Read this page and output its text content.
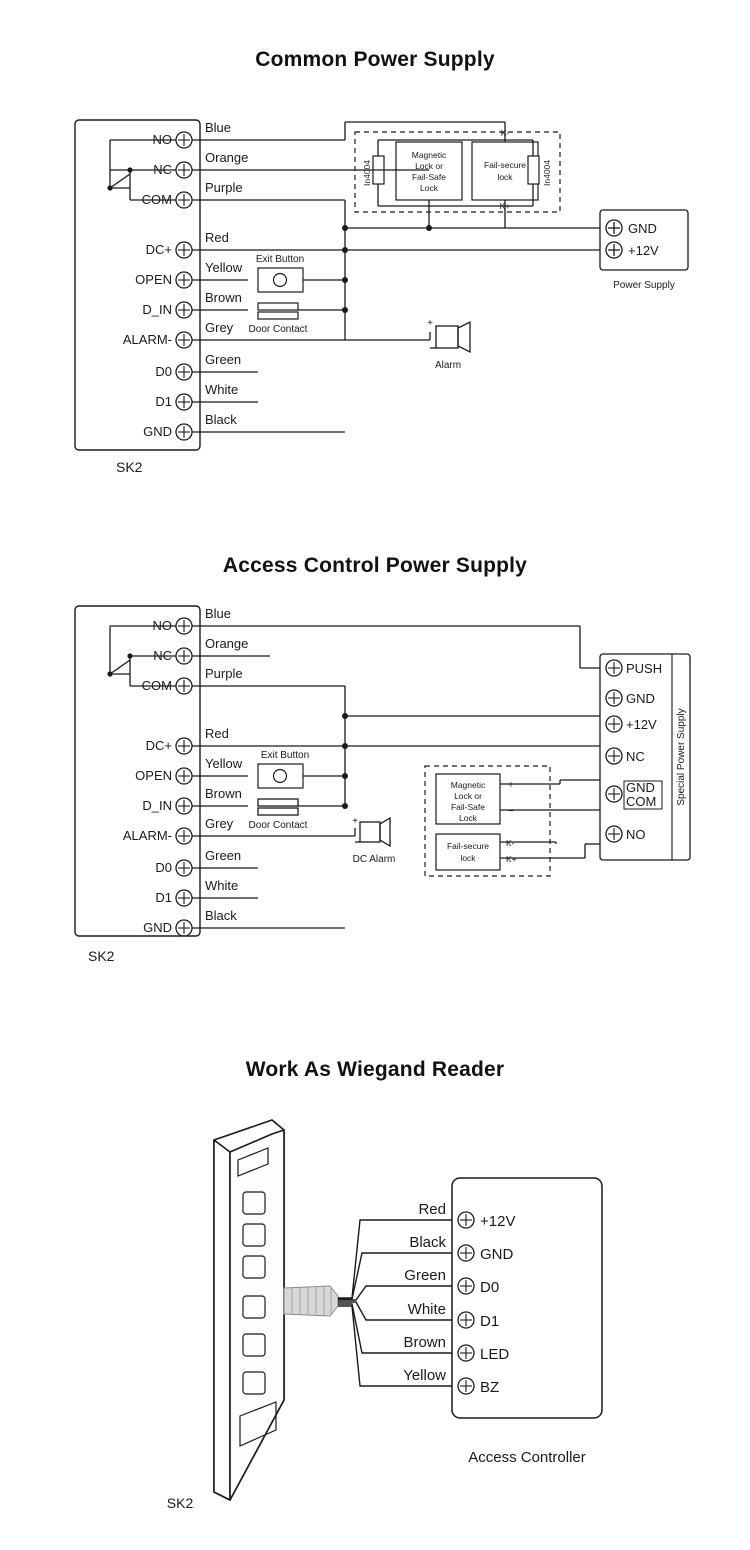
Common Power Supply
NO
NC
COM
DC+
OPEN
D_IN
ALARM-
D0
D1
GND
Blue
Orange
Purple
Red
Yellow
Brown
Grey
Green
White
Black
Magnetic
Lock or
Fail-Safe
Lock
Fail-secure
lock
K-
K+
In4004	In4004
GND
+12V
Power Supply
Exit Button
Door Contact
+
Alarm
SK2
Access Control Power Supply
NO
NC
COM
DC+
OPEN
D_IN
ALARM-
D0
D1
GND
Blue
Orange
Purple
Red
Yellow
Brown
Grey
Green
White
Black
Exit Button
Door Contact	+
DC Alarm
Magnetic
Lock or
Fail-Safe
Lock
+
−
Fail-secure
lock
K-
K+
PUSH
GND
+12V
NC
GND
COM
NO
Special Power Supply
SK2
Work As Wiegand Reader
Red
Black
Green
White
Brown
Yellow
+12V
GND
D0
D1
LED
BZ
Access Controller
SK2
